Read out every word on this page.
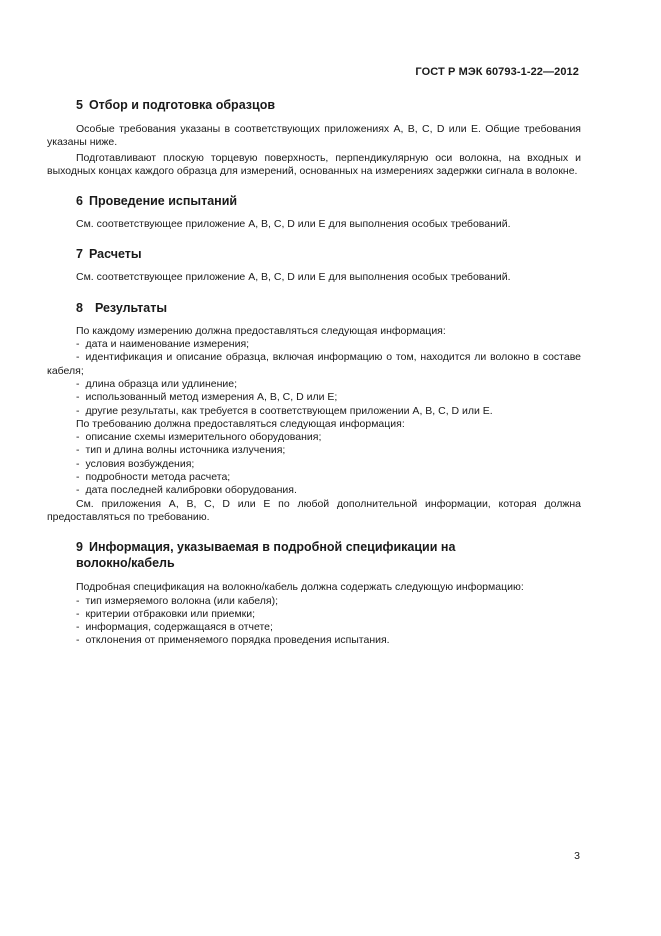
ГОСТ Р МЭК 60793-1-22—2012
5 Отбор и подготовка образцов

Особые требования указаны в соответствующих приложениях A, B, C, D или E. Общие требования указаны ниже.

Подготавливают плоскую торцевую поверхность, перпендикулярную оси волокна, на входных и выходных концах каждого образца для измерений, основанных на измерениях задержки сигнала в волокне.

6 Проведение испытаний

См. соответствующее приложение А, В, С, D или Е для выполнения особых требований.

7 Расчеты

См. соответствующее приложение А, В, С, D или Е для выполнения особых требований.

8 Результаты

По каждому измерению должна предоставляться следующая информация:

- дата и наименование измерения;

- идентификация и описание образца, включая информацию о том, находится ли волокно в составе кабеля;

- длина образца или удлинение;

- использованный метод измерения А, В, С, D или Е;

- другие результаты, как требуется в соответствующем приложении A, B, C, D или E.

По требованию должна предоставляться следующая информация:

- описание схемы измерительного оборудования;

- тип и длина волны источника излучения;

- условия возбуждения;

- подробности метода расчета;

- дата последней калибровки оборудования.

См. приложения А, В, С, D или Е по любой дополнительной информации, которая должна предоставляться по требованию.

9 Информация, указываемая в подробной спецификации на
волокно/кабель

Подробная спецификация на волокно/кабель должна содержать следующую информацию:

- тип измеряемого волокна (или кабеля);

- критерии отбраковки или приемки;

- информация, содержащаяся в отчете;

- отклонения от применяемого порядка проведения испытания.

3
